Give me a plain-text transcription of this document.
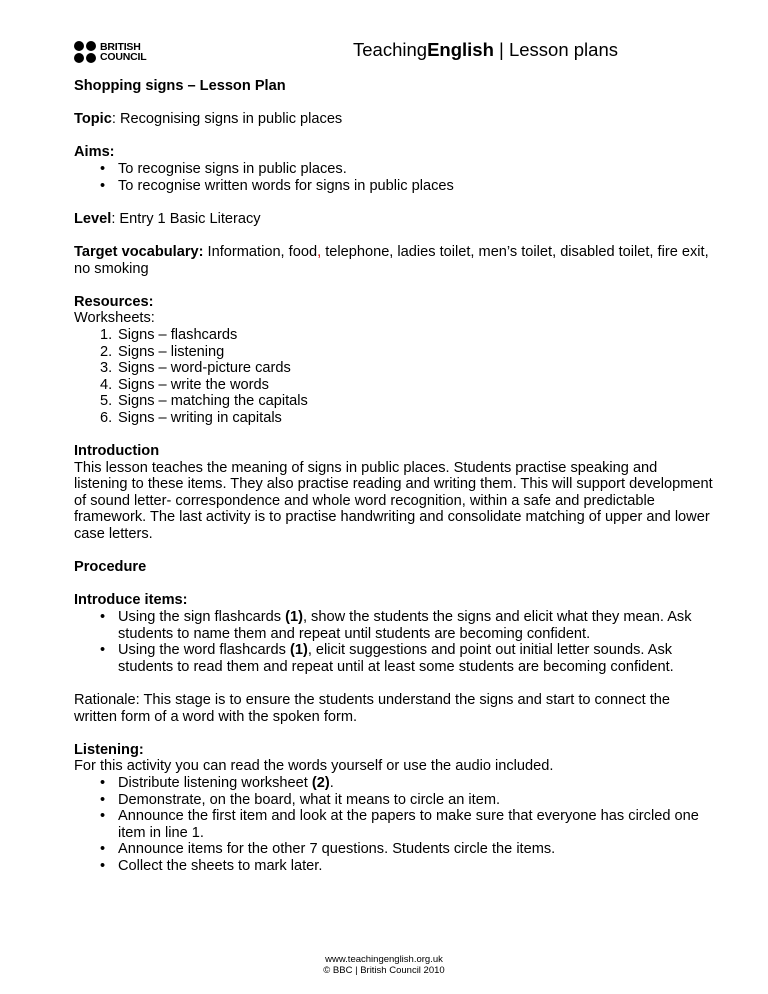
BRITISH
COUNCIL	TeachingEnglish | Lesson plans

Shopping signs – Lesson Plan

Topic: Recognising signs in public places

Aims:

• To recognise signs in public places.
• To recognise written words for signs in public places

Level: Entry 1 Basic Literacy

Target vocabulary: Information, food, telephone, ladies toilet, men’s toilet, disabled toilet, fire exit, no smoking

Resources:

Worksheets:

1. Signs – flashcards
2. Signs – listening
3. Signs – word-picture cards
4. Signs – write the words
5. Signs – matching the capitals
6. Signs – writing in capitals

Introduction

This lesson teaches the meaning of signs in public places. Students practise speaking and listening to these items. They also practise reading and writing them. This will support development of sound letter- correspondence and whole word recognition, within a safe and predictable framework. The last activity is to practise handwriting and consolidate matching of upper and lower case letters.

Procedure

Introduce items:

• Using the sign flashcards (1), show the students the signs and elicit what they mean. Ask students to name them and repeat until students are becoming confident.
• Using the word flashcards (1), elicit suggestions and point out initial letter sounds. Ask students to read them and repeat until at least some students are becoming confident.

Rationale: This stage is to ensure the students understand the signs and start to connect the written form of a word with the spoken form.

Listening:

For this activity you can read the words yourself or use the audio included.

• Distribute listening worksheet (2).
• Demonstrate, on the board, what it means to circle an item.
• Announce the first item and look at the papers to make sure that everyone has circled one item in line 1.
• Announce items for the other 7 questions. Students circle the items.
• Collect the sheets to mark later.
www.teachingenglish.org.uk
© BBC | British Council 2010
